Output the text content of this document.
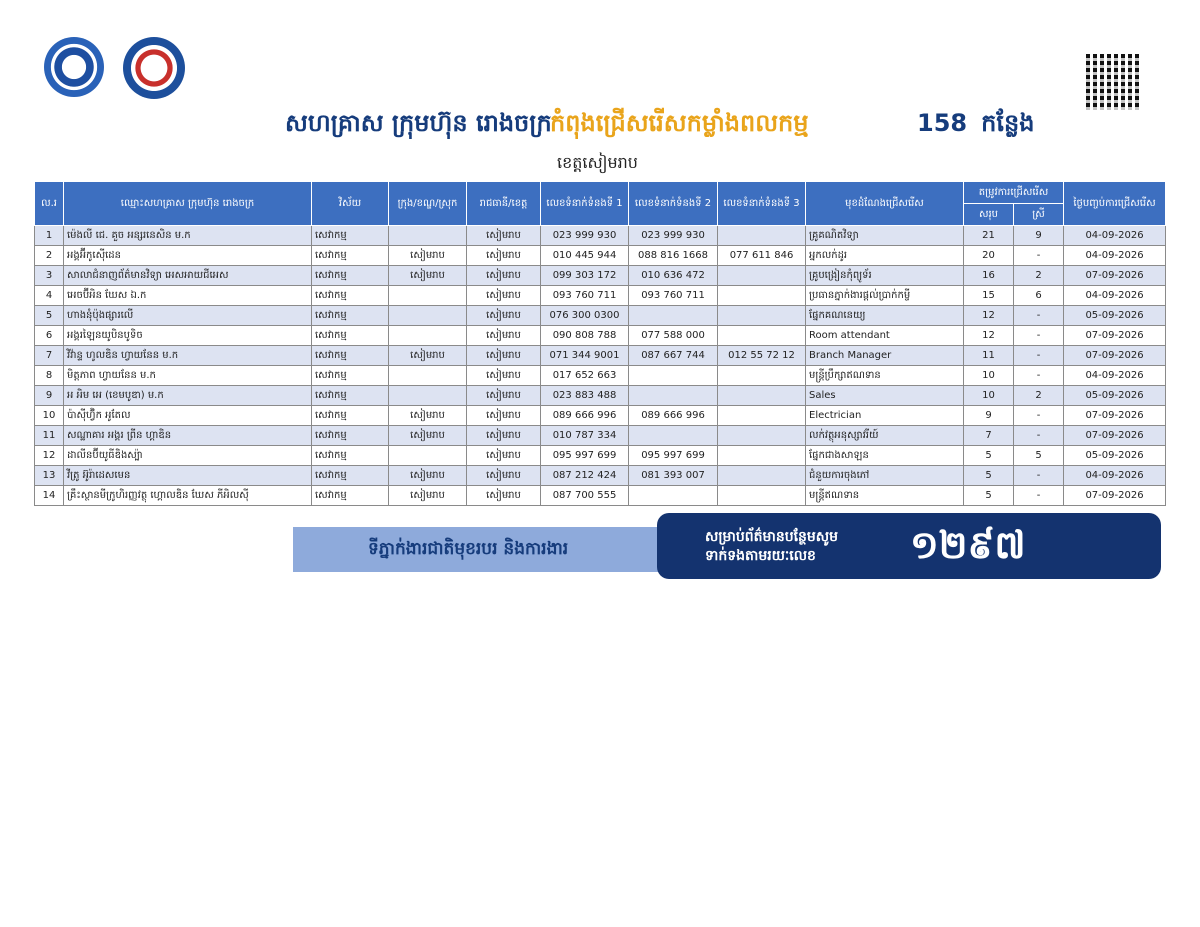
សហគ្រាស ក្រុមហ៊ុន រោងចក្រ
កំពុងជ្រើសរើសកម្លាំងពលកម្ម	158 កន្លែង
ខេត្តសៀមរាប
ល.រ	ឈ្មោះសហគ្រាស ក្រុមហ៊ុន រោងចក្រ	វិស័យ	ក្រុង/ខណ្ឌ/ស្រុក	រាជធានី/ខេត្ត	លេខទំនាក់ទំនងទី 1	លេខទំនាក់ទំនងទី 2	លេខទំនាក់ទំនងទី 3	មុខដំណែងជ្រើសរើស	តម្រូវការជ្រើសរើស		ថ្ងៃបញ្ចប់ការជ្រើសរើស
									សរុប	ស្រី	
1	ម៉េងលី ជេ. គួច អន្សរនេសិន ម.ក	សេវាកម្ម		សៀមរាប	023 999 930	023 999 930		គ្រូគណិតវិទ្យា	21	9	04-09-2026
2	អង្គអ៊ីកូស៊ើដេន	សេវាកម្ម	សៀមរាប	សៀមរាប	010 445 944	088 816 1668	077 611 846	អ្នកលក់ដូរ	20	-	04-09-2026
3	សាលាជំនាញព័ត៌មានវិទ្យា អេសអាយជីអេស	សេវាកម្ម	សៀមរាប	សៀមរាប	099 303 172	010 636 472		គ្រូបង្រៀនកុំព្យូទ័រ	16	2	07-09-2026
4	អេចប៊ីអិន ឃែស ឯ.ក	សេវាកម្ម		សៀមរាប	093 760 711	093 760 711		ប្រធានភ្នាក់ងារផ្ដល់ប្រាក់កម្ចី	15	6	04-09-2026
5	ហាងនុំប៉ុងផ្សារលើ	សេវាកម្ម		សៀមរាប	076 300 0300			ផ្នែកគណនេយ្យ	12	-	05-09-2026
6	អង្គរឡៃនយូបិនបូទិច	សេវាកម្ម		សៀមរាប	090 808 788	077 588 000		Room attendant	12	-	07-09-2026
7	វិវ៉ាន្ទ ហូលឌិន ហ្វាយនែន ម.ក	សេវាកម្ម	សៀមរាប	សៀមរាប	071 344 9001	087 667 744	012 55 72 12	Branch Manager	11	-	07-09-2026
8	មិត្តភាព ហ្វាយនែន ម.ក	សេវាកម្ម		សៀមរាប	017 652 663			មន្ត្រីប្រឹក្សាឥណទាន	10	-	04-09-2026
9	អ អិម អេ (ខេមបូឌា) ម.ក	សេវាកម្ម		សៀមរាប	023 883 488			Sales	10	2	05-09-2026
10	ប៉ាស៊ីហ្វ៊ិក អូតែល	សេវាកម្ម	សៀមរាប	សៀមរាប	089 666 996	089 666 996		Electrician	9	-	07-09-2026
11	សណ្ឋាគារ អង្គរ ព្រីន ហ្គាឌិន	សេវាកម្ម	សៀមរាប	សៀមរាប	010 787 334			លក់វត្ថុអនុស្សាវរីយ៍	7	-	07-09-2026
12	ដាលីនប៊ីយូធីឌិងស្ប៉ា	សេវាកម្ម		សៀមរាប	095 997 699	095 997 699		ផ្នែកជាងសាឡន	5	5	05-09-2026
13	វីត្រូ អ៊ូរ៉ាដេសមេន	សេវាកម្ម	សៀមរាប	សៀមរាប	087 212 424	081 393 007		ជំនួយការចុងភៅ	5	-	04-09-2026
14	គ្រឹះស្ថានមីក្រូហិរញ្ញវត្ថុ ហ្គោលឌិន ឃែស ភីអិលស៊ី	សេវាកម្ម	សៀមរាប	សៀមរាប	087 700 555			មន្ត្រីឥណទាន	5	-	07-09-2026
ទីភ្នាក់ងារជាតិមុខរបរ និងការងារ
សម្រាប់ព័ត៌មានបន្ថែមសូម
ទាក់ទងតាមរយៈលេខ ១២៩៧
